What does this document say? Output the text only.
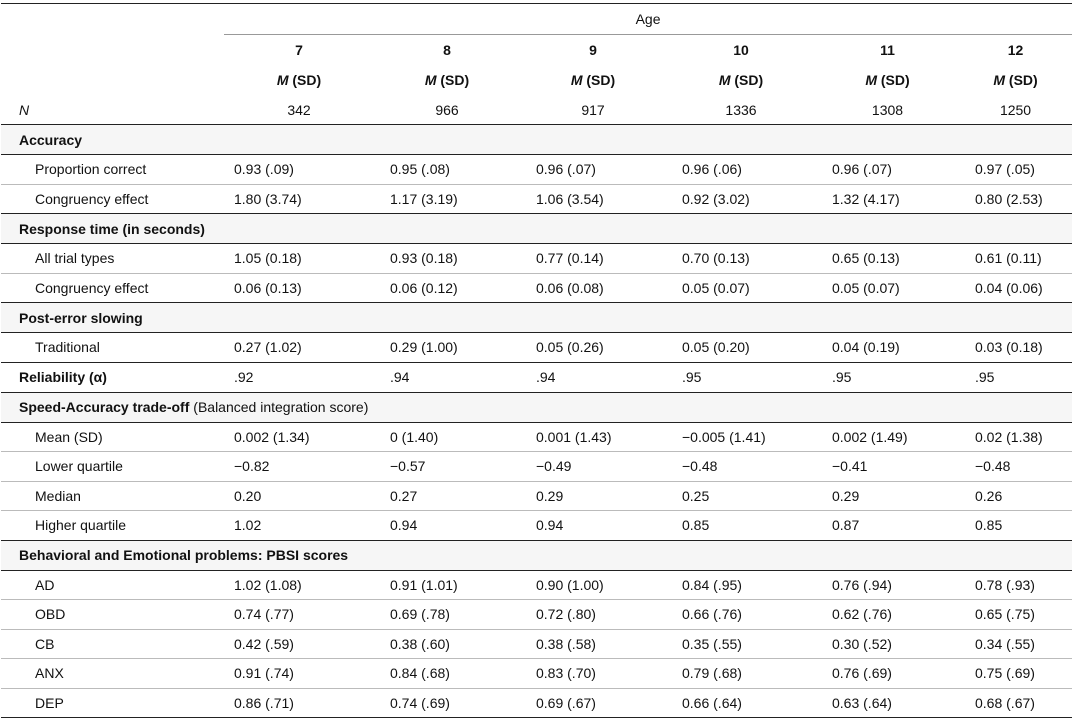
	Age					
	7	8	9	10	11	12
	M (SD)	M (SD)	M (SD)	M (SD)	M (SD)	M (SD)
N	342	966	917	1336	1308	1250
Accuracy						
Proportion correct	0.93 (.09)	0.95 (.08)	0.96 (.07)	0.96 (.06)	0.96 (.07)	0.97 (.05)
Congruency effect	1.80 (3.74)	1.17 (3.19)	1.06 (3.54)	0.92 (3.02)	1.32 (4.17)	0.80 (2.53)
Response time (in seconds)						
All trial types	1.05 (0.18)	0.93 (0.18)	0.77 (0.14)	0.70 (0.13)	0.65 (0.13)	0.61 (0.11)
Congruency effect	0.06 (0.13)	0.06 (0.12)	0.06 (0.08)	0.05 (0.07)	0.05 (0.07)	0.04 (0.06)
Post-error slowing						
Traditional	0.27 (1.02)	0.29 (1.00)	0.05 (0.26)	0.05 (0.20)	0.04 (0.19)	0.03 (0.18)
Reliability (α)	.92	.94	.94	.95	.95	.95
Speed-Accuracy trade-off (Balanced integration score)						
Mean (SD)	0.002 (1.34)	0 (1.40)	0.001 (1.43)	−0.005 (1.41)	0.002 (1.49)	0.02 (1.38)
Lower quartile	−0.82	−0.57	−0.49	−0.48	−0.41	−0.48
Median	0.20	0.27	0.29	0.25	0.29	0.26
Higher quartile	1.02	0.94	0.94	0.85	0.87	0.85
Behavioral and Emotional problems: PBSI scores						
AD	1.02 (1.08)	0.91 (1.01)	0.90 (1.00)	0.84 (.95)	0.76 (.94)	0.78 (.93)
OBD	0.74 (.77)	0.69 (.78)	0.72 (.80)	0.66 (.76)	0.62 (.76)	0.65 (.75)
CB	0.42 (.59)	0.38 (.60)	0.38 (.58)	0.35 (.55)	0.30 (.52)	0.34 (.55)
ANX	0.91 (.74)	0.84 (.68)	0.83 (.70)	0.79 (.68)	0.76 (.69)	0.75 (.69)
DEP	0.86 (.71)	0.74 (.69)	0.69 (.67)	0.66 (.64)	0.63 (.64)	0.68 (.67)
